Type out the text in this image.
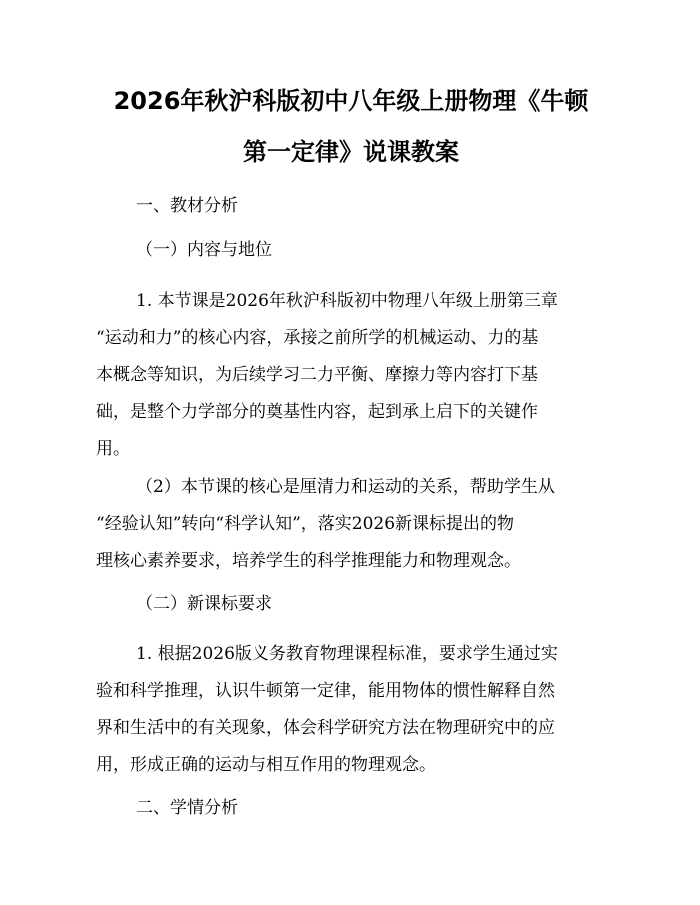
2026年秋沪科版初中八年级上册物理《牛顿
第一定律》说课教案

一、教材分析

（一）内容与地位

1. 本节课是2026年秋沪科版初中物理八年级上册第三章
“运动和力”的核心内容，承接之前所学的机械运动、力的基
本概念等知识，为后续学习二力平衡、摩擦力等内容打下基
础，是整个力学部分的奠基性内容，起到承上启下的关键作
用。
（2）本节课的核心是厘清力和运动的关系，帮助学生从
“经验认知”转向“科学认知”，落实2026新课标提出的物
理核心素养要求，培养学生的科学推理能力和物理观念。

（二）新课标要求

1. 根据2026版义务教育物理课程标准，要求学生通过实
验和科学推理，认识牛顿第一定律，能用物体的惯性解释自然
界和生活中的有关现象，体会科学研究方法在物理研究中的应
用，形成正确的运动与相互作用的物理观念。

二、学情分析
